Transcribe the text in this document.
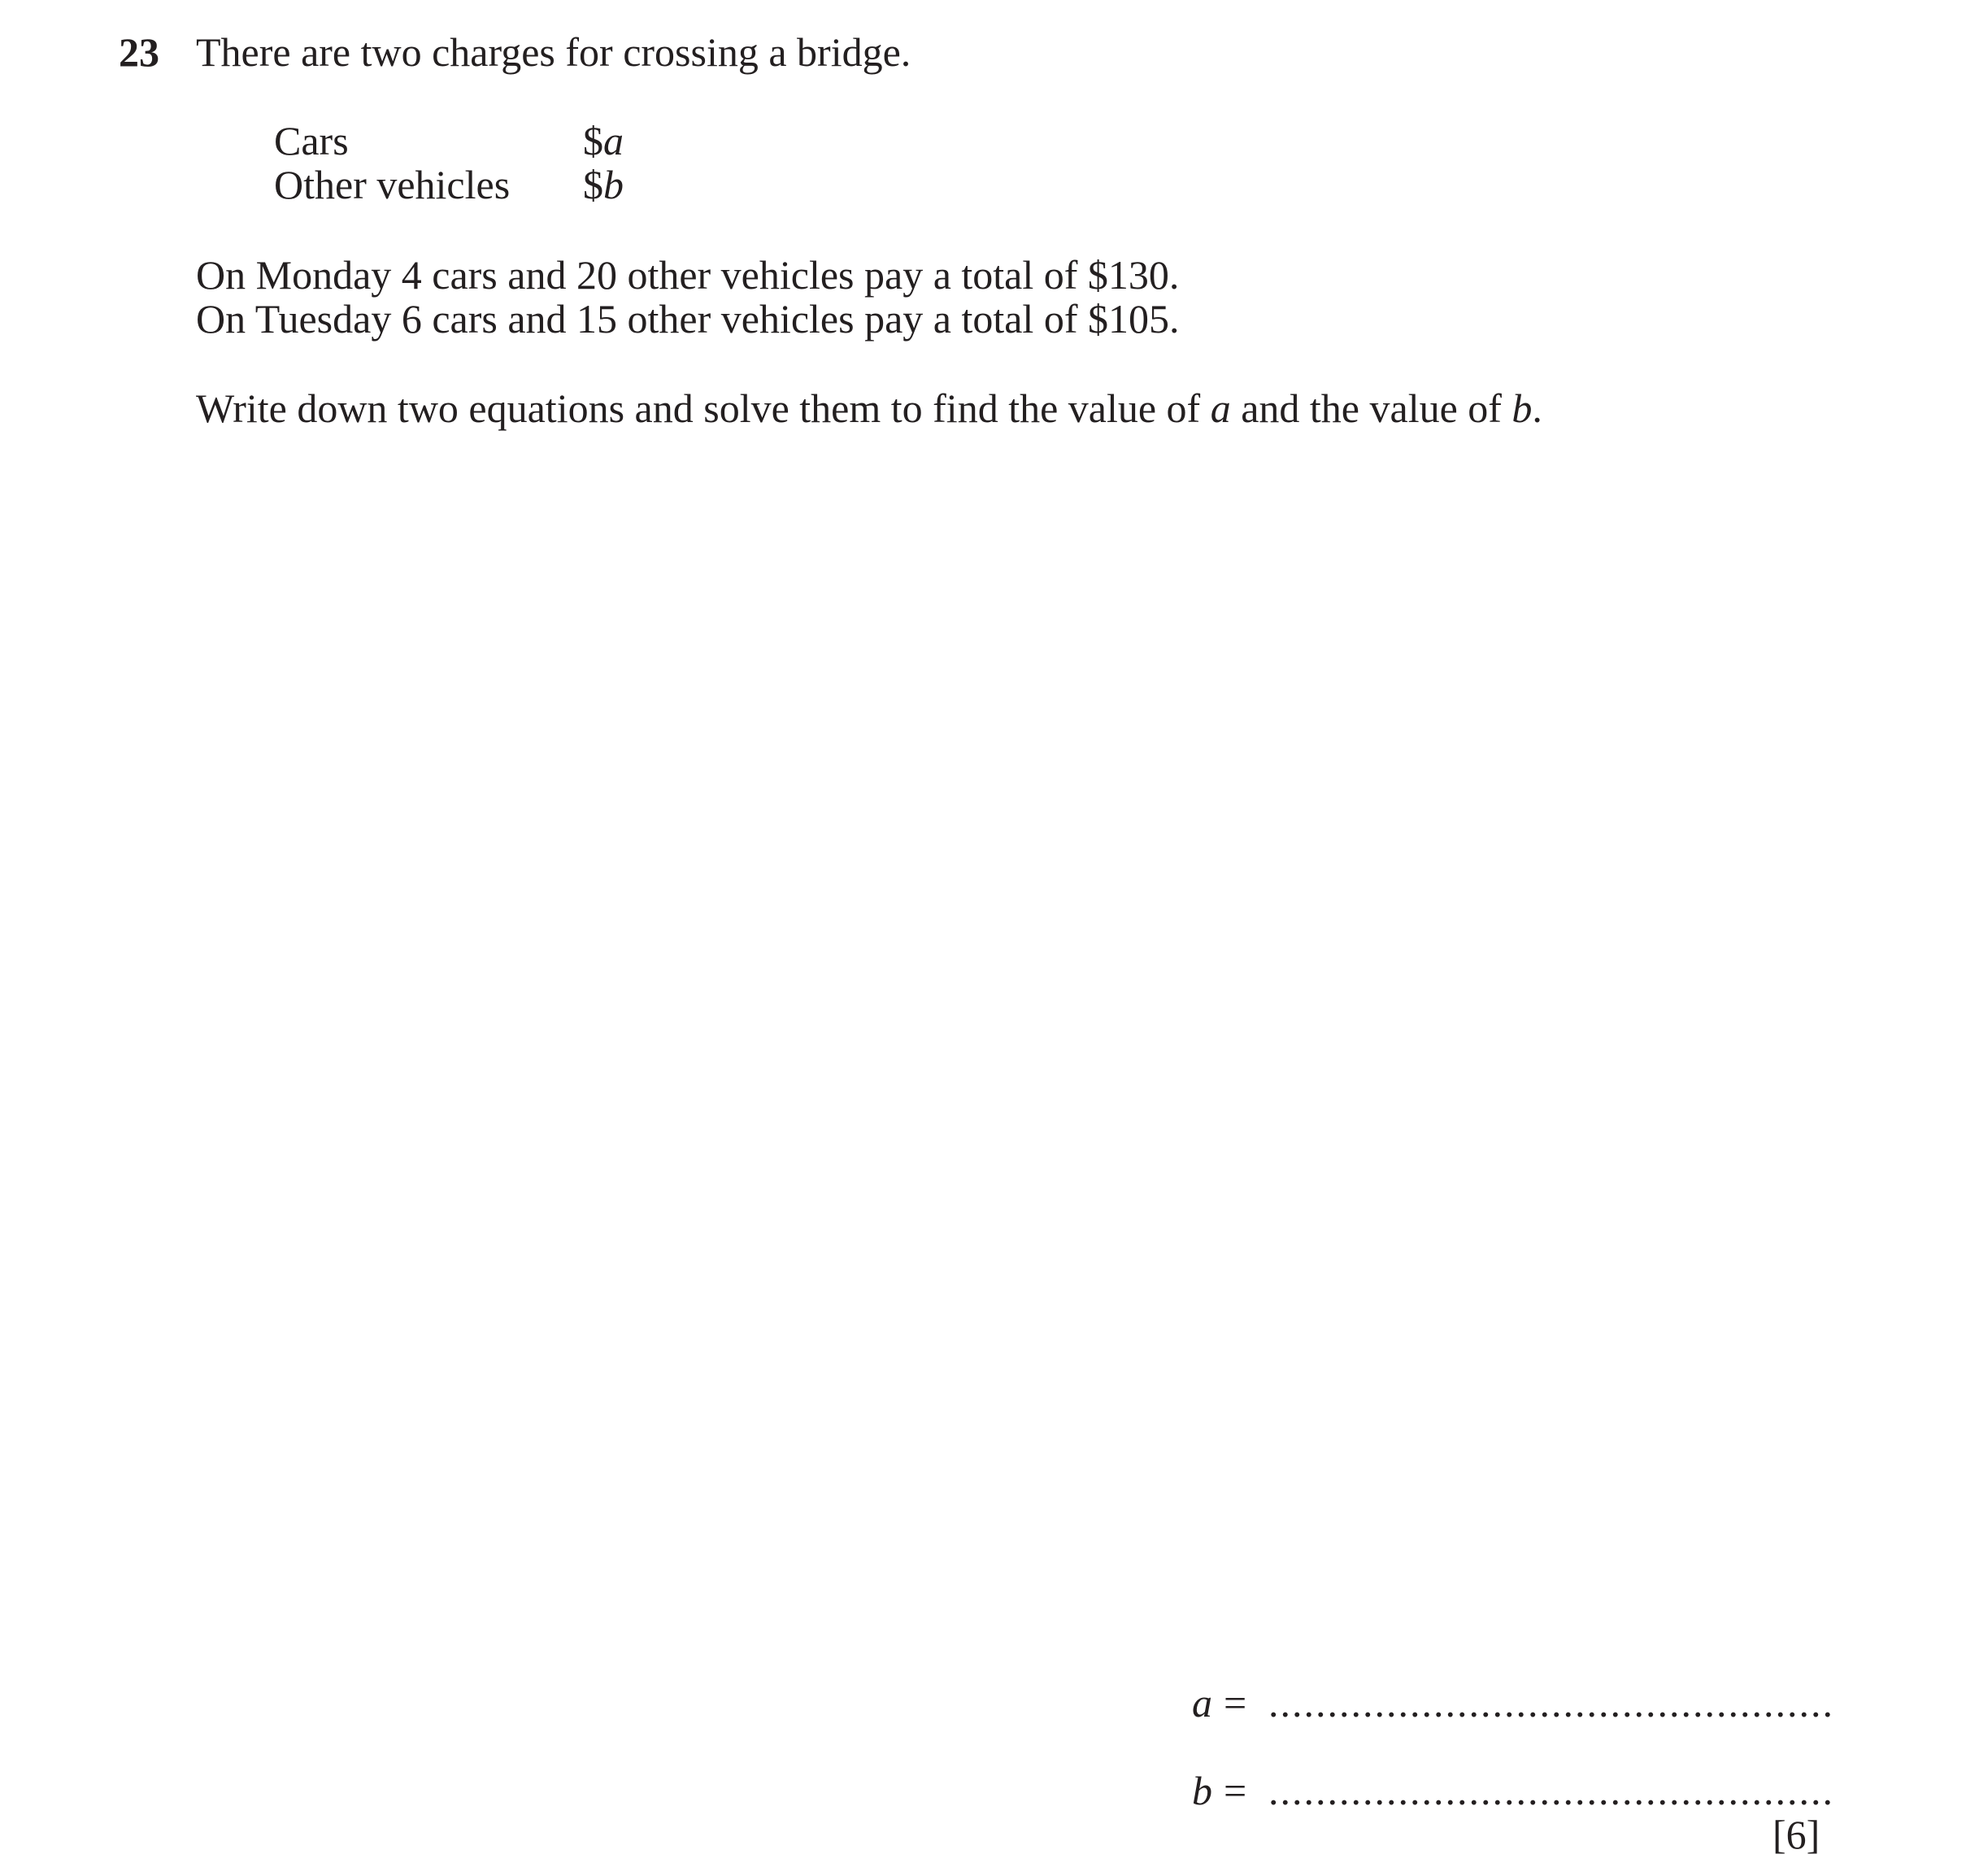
23 There are two charges for crossing a bridge.
Cars	$a
Other vehicles $b
On Monday 4 cars and 20 other vehicles pay a total of $130.
On Tuesday 6 cars and 15 other vehicles pay a total of $105.
Write down two equations and solve them to find the value of a and the value of b.
a = ................................................
b = ................................................
[6]
